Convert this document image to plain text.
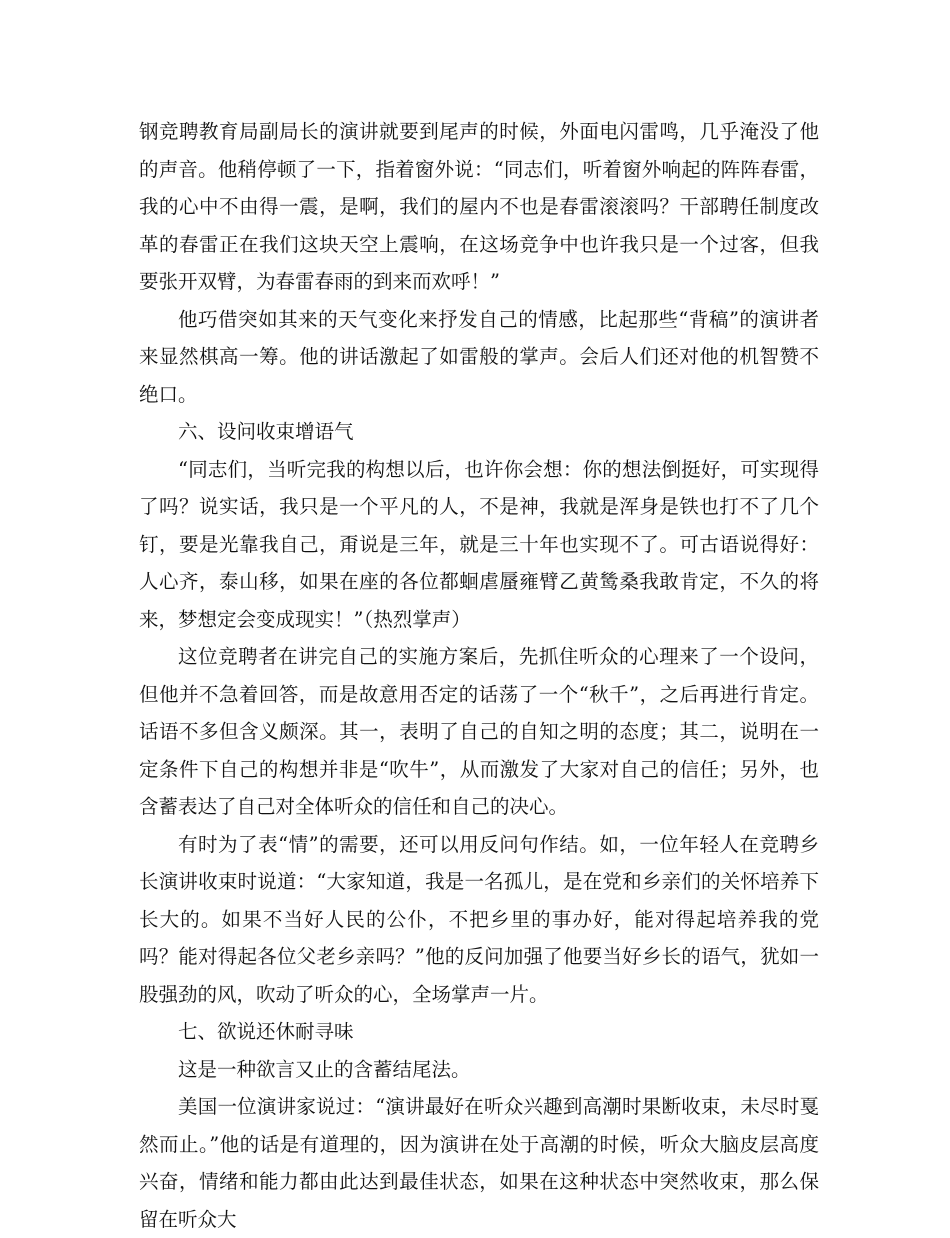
钢竞聘教育局副局长的演讲就要到尾声的时候，外面电闪雷鸣，几乎淹没了他的声音。他稍停顿了一下，指着窗外说：“同志们，听着窗外响起的阵阵春雷，我的心中不由得一震，是啊，我们的屋内不也是春雷滚滚吗？干部聘任制度改革的春雷正在我们这块天空上震响，在这场竞争中也许我只是一个过客，但我要张开双臂，为春雷春雨的到来而欢呼！”

他巧借突如其来的天气变化来抒发自己的情感，比起那些“背稿”的演讲者来显然棋高一筹。他的讲话激起了如雷般的掌声。会后人们还对他的机智赞不绝口。

六、设问收束增语气

“同志们，当听完我的构想以后，也许你会想：你的想法倒挺好，可实现得了吗？说实话，我只是一个平凡的人，不是神，我就是浑身是铁也打不了几个钉，要是光靠我自己，甭说是三年，就是三十年也实现不了。可古语说得好：人心齐，泰山移，如果在座的各位都蛔虐蜃雍臂乙黄鸶桑我敢肯定，不久的将来，梦想定会变成现实！”（热烈掌声）

这位竞聘者在讲完自己的实施方案后，先抓住听众的心理来了一个设问，但他并不急着回答，而是故意用否定的话荡了一个“秋千”，之后再进行肯定。话语不多但含义颇深。其一，表明了自己的自知之明的态度；其二，说明在一定条件下自己的构想并非是“吹牛”，从而激发了大家对自己的信任；另外，也含蓄表达了自己对全体听众的信任和自己的决心。

有时为了表“情”的需要，还可以用反问句作结。如，一位年轻人在竞聘乡长演讲收束时说道：“大家知道，我是一名孤儿，是在党和乡亲们的关怀培养下长大的。如果不当好人民的公仆，不把乡里的事办好，能对得起培养我的党吗？能对得起各位父老乡亲吗？”他的反问加强了他要当好乡长的语气，犹如一股强劲的风，吹动了听众的心，全场掌声一片。

七、欲说还休耐寻味

这是一种欲言又止的含蓄结尾法。

美国一位演讲家说过：“演讲最好在听众兴趣到高潮时果断收束，未尽时戛然而止。”他的话是有道理的，因为演讲在处于高潮的时候，听众大脑皮层高度兴奋，情绪和能力都由此达到最佳状态，如果在这种状态中突然收束，那么保留在听众大
